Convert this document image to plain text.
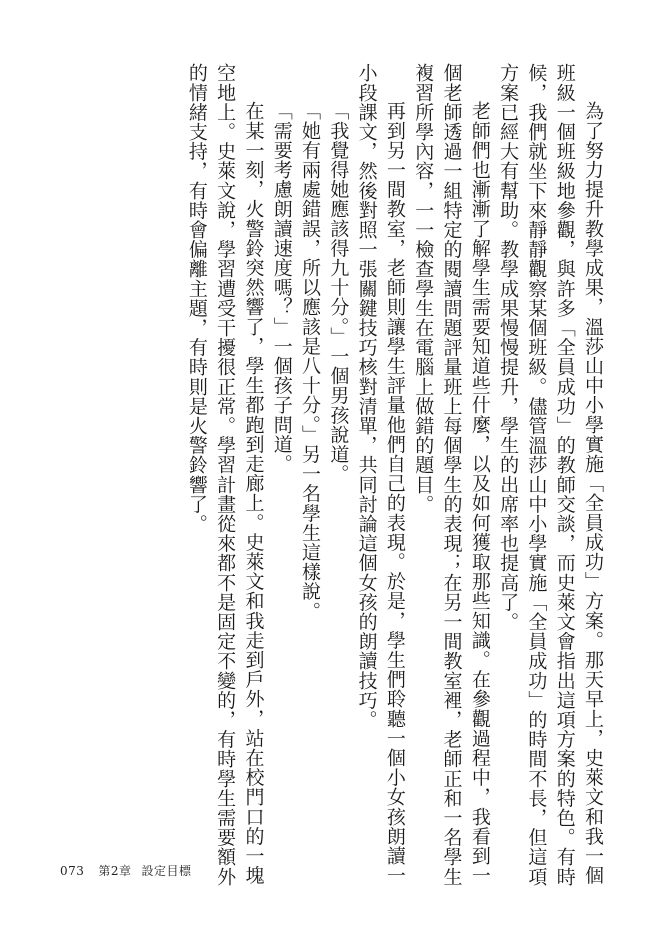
為了努力提升教學成果，溫莎山中小學實施「全員成功」方案。那天早上，史萊文和我一個班級一個班級地參觀，與許多「全員成功」的教師交談，而史萊文會指出這項方案的特色。有時候，我們就坐下來靜靜觀察某個班級。儘管溫莎山中小學實施「全員成功」的時間不長，但這項方案已經大有幫助。教學成果慢慢提升，學生的出席率也提高了。

老師們也漸漸了解學生需要知道些什麼，以及如何獲取那些知識。在參觀過程中，我看到一個老師透過一組特定的閱讀問題評量班上每個學生的表現；在另一間教室裡，老師正和一名學生複習所學內容，一一檢查學生在電腦上做錯的題目。

再到另一間教室，老師則讓學生評量他們自己的表現。於是，學生們聆聽一個小女孩朗讀一小段課文，然後對照一張關鍵技巧核對清單，共同討論這個女孩的朗讀技巧。

「我覺得她應該得九十分。」一個男孩說道。

「她有兩處錯誤，所以應該是八十分。」另一名學生這樣說。

「需要考慮朗讀速度嗎？」一個孩子問道。

在某一刻，火警鈴突然響了，學生都跑到走廊上。史萊文和我走到戶外，站在校門口的一塊空地上。史萊文說，學習遭受干擾很正常。學習計畫從來都不是固定不變的，有時學生需要額外的情緒支持，有時會偏離主題，有時則是火警鈴響了。

073 第2章 設定目標
